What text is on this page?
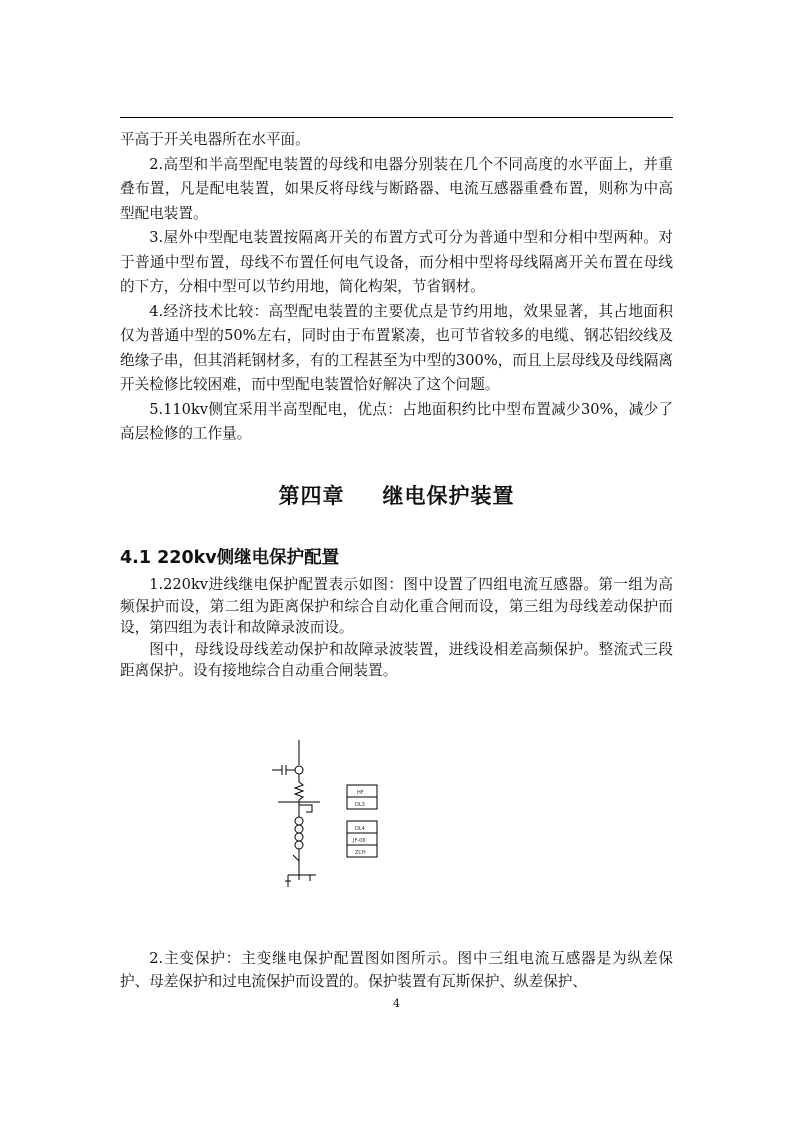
平高于开关电器所在水平面。

2.高型和半高型配电装置的母线和电器分别装在几个不同高度的水平面上，并重叠布置，凡是配电装置，如果反将母线与断路器、电流互感器重叠布置，则称为中高型配电装置。

3.屋外中型配电装置按隔离开关的布置方式可分为普通中型和分相中型两种。对于普通中型布置，母线不布置任何电气设备，而分相中型将母线隔离开关布置在母线的下方，分相中型可以节约用地，简化构架，节省钢材。

4.经济技术比较：高型配电装置的主要优点是节约用地，效果显著，其占地面积仅为普通中型的50%左右，同时由于布置紧凑，也可节省较多的电缆、钢芯铝绞线及绝缘子串，但其消耗钢材多，有的工程甚至为中型的300%，而且上层母线及母线隔离开关检修比较困难，而中型配电装置恰好解决了这个问题。

5.110kv侧宜采用半高型配电，优点：占地面积约比中型布置减少30%，减少了高层检修的工作量。

第四章 继电保护装置
4.1 220kv侧继电保护配置

1.220kv进线继电保护配置表示如图：图中设置了四组电流互感器。第一组为高频保护而设，第二组为距离保护和综合自动化重合闸而设，第三组为母线差动保护而设，第四组为表计和故障录波而设。

图中，母线设母线差动保护和故障录波装置，进线设相差高频保护。整流式三段距离保护。设有接地综合自动重合闸装置。

HF
DL3
DL4
JF-06
ZCH

2.主变保护：主变继电保护配置图如图所示。图中三组电流互感器是为纵差保护、母差保护和过电流保护而设置的。保护装置有瓦斯保护、纵差保护、

4
